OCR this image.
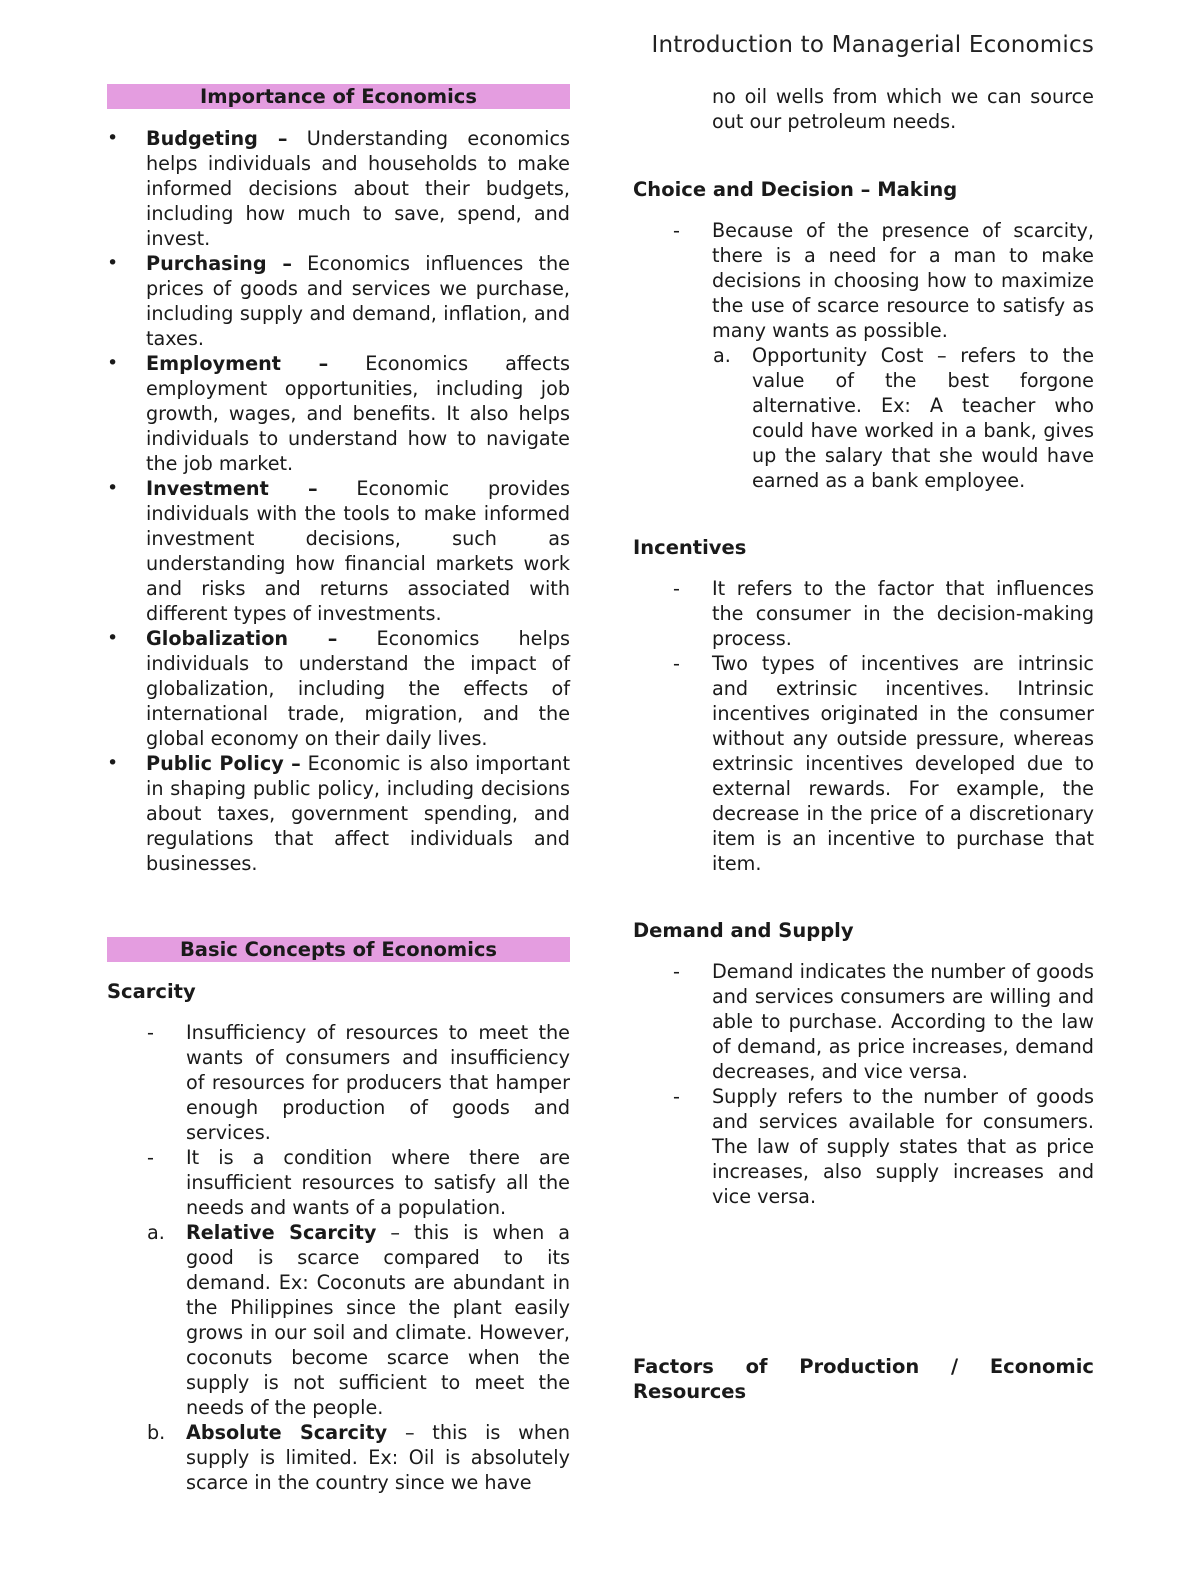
Introduction to Managerial Economics
Importance of Economics
• Budgeting – Understanding economics helps individuals and households to make informed decisions about their budgets, including how much to save, spend, and invest.
• Purchasing – Economics influences the prices of goods and services we purchase, including supply and demand, inflation, and taxes.
• Employment – Economics affects employment opportunities, including job growth, wages, and benefits. It also helps individuals to understand how to navigate the job market.
• Investment – Economic provides individuals with the tools to make informed investment decisions, such as understanding how financial markets work and risks and returns associated with different types of investments.
• Globalization – Economics helps individuals to understand the impact of globalization, including the effects of international trade, migration, and the global economy on their daily lives.
• Public Policy – Economic is also important in shaping public policy, including decisions about taxes, government spending, and regulations that affect individuals and businesses.
Basic Concepts of Economics
Scarcity
- Insufficiency of resources to meet the wants of consumers and insufficiency of resources for producers that hamper enough production of goods and services.
- It is a condition where there are insufficient resources to satisfy all the needs and wants of a population.
a. Relative Scarcity – this is when a good is scarce compared to its demand. Ex: Coconuts are abundant in the Philippines since the plant easily grows in our soil and climate. However, coconuts become scarce when the supply is not sufficient to meet the needs of the people.
b. Absolute Scarcity – this is when supply is limited. Ex: Oil is absolutely scarce in the country since we have
no oil wells from which we can source out our petroleum needs.
Choice and Decision – Making
- Because of the presence of scarcity, there is a need for a man to make decisions in choosing how to maximize the use of scarce resource to satisfy as many wants as possible.
a. Opportunity Cost – refers to the value of the best forgone alternative. Ex: A teacher who could have worked in a bank, gives up the salary that she would have earned as a bank employee.
Incentives
- It refers to the factor that influences the consumer in the decision-making process.
- Two types of incentives are intrinsic and extrinsic incentives. Intrinsic incentives originated in the consumer without any outside pressure, whereas extrinsic incentives developed due to external rewards. For example, the decrease in the price of a discretionary item is an incentive to purchase that item.
Demand and Supply
- Demand indicates the number of goods and services consumers are willing and able to purchase. According to the law of demand, as price increases, demand decreases, and vice versa.
- Supply refers to the number of goods and services available for consumers. The law of supply states that as price increases, also supply increases and vice versa.
Factors of Production / Economic
Resources
